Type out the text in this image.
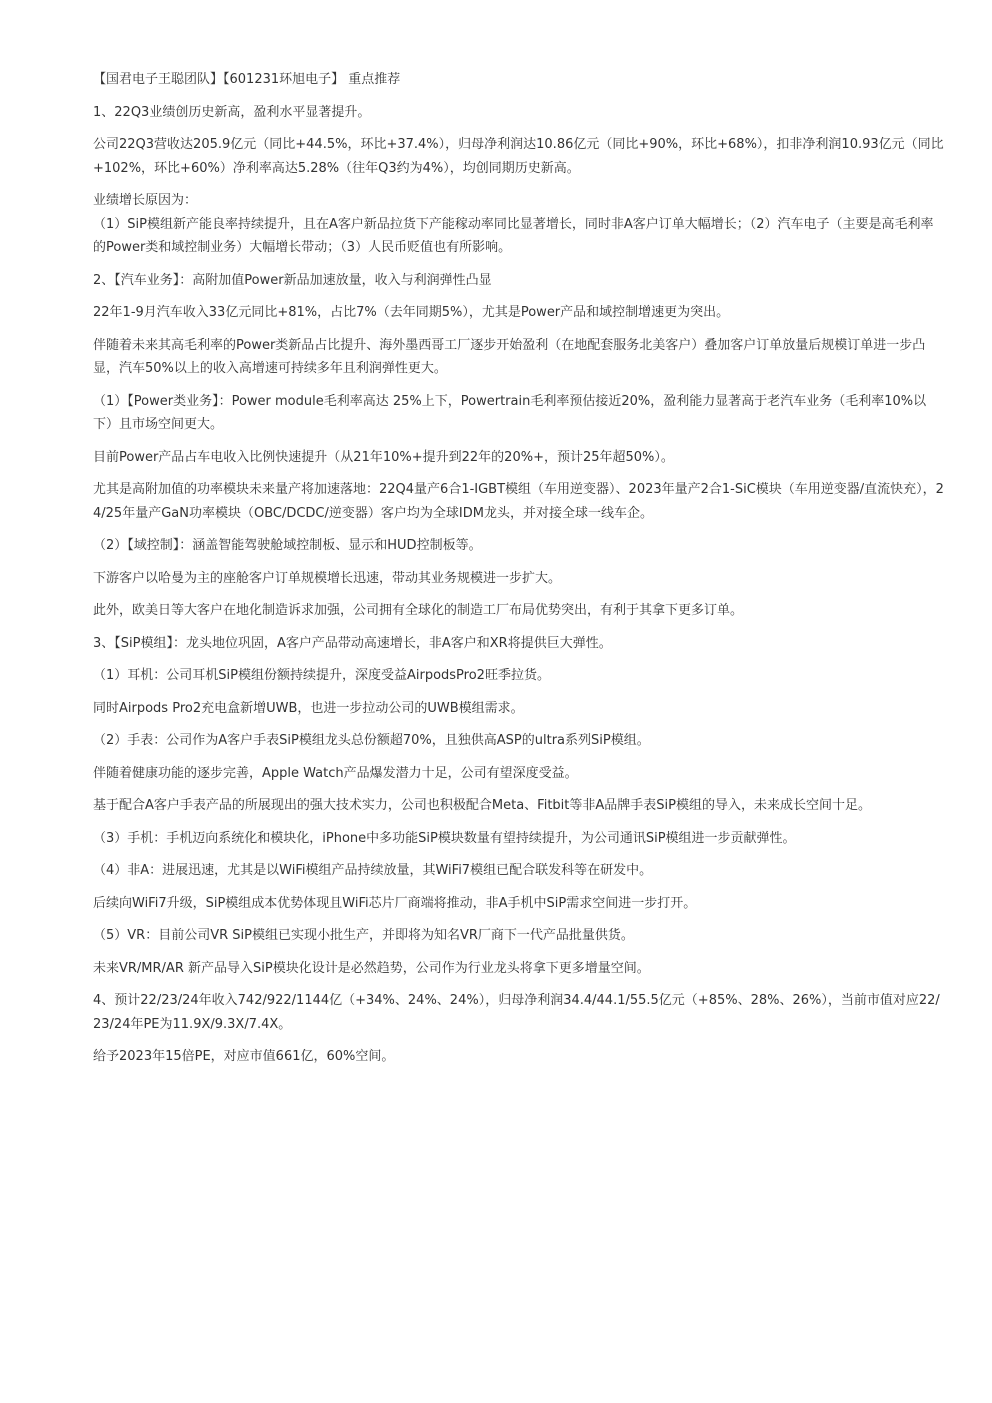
【国君电子王聪团队】【601231环旭电子】 重点推荐

1、22Q3业绩创历史新高，盈利水平显著提升。

公司22Q3营收达205.9亿元（同比+44.5%，环比+37.4%），归母净利润达10.86亿元（同比+90%，环比+68%），扣非净利润10.93亿元（同比+102%，环比+60%）净利率高达5.28%（往年Q3约为4%），均创同期历史新高。

业绩增长原因为：

（1）SiP模组新产能良率持续提升，且在A客户新品拉货下产能稼动率同比显著增长，同时非A客户订单大幅增长；（2）汽车电子（主要是高毛利率的Power类和域控制业务）大幅增长带动；（3）人民币贬值也有所影响。

2、【汽车业务】：高附加值Power新品加速放量，收入与利润弹性凸显

22年1-9月汽车收入33亿元同比+81%，占比7%（去年同期5%），尤其是Power产品和域控制增速更为突出。

伴随着未来其高毛利率的Power类新品占比提升、海外墨西哥工厂逐步开始盈利（在地配套服务北美客户）叠加客户订单放量后规模订单进一步凸显，汽车50%以上的收入高增速可持续多年且利润弹性更大。

（1）【Power类业务】：Power module毛利率高达 25%上下，Powertrain毛利率预估接近20%，盈利能力显著高于老汽车业务（毛利率10%以下）且市场空间更大。

目前Power产品占车电收入比例快速提升（从21年10%+提升到22年的20%+，预计25年超50%）。

尤其是高附加值的功率模块未来量产将加速落地：22Q4量产6合1-IGBT模组（车用逆变器）、2023年量产2合1-SiC模块（车用逆变器/直流快充），24/25年量产GaN功率模块（OBC/DCDC/逆变器）客户均为全球IDM龙头，并对接全球一线车企。

（2）【域控制】：涵盖智能驾驶舱域控制板、显示和HUD控制板等。

下游客户以哈曼为主的座舱客户订单规模增长迅速，带动其业务规模进一步扩大。

此外，欧美日等大客户在地化制造诉求加强，公司拥有全球化的制造工厂布局优势突出，有利于其拿下更多订单。

3、【SiP模组】：龙头地位巩固，A客户产品带动高速增长，非A客户和XR将提供巨大弹性。

（1）耳机：公司耳机SiP模组份额持续提升，深度受益AirpodsPro2旺季拉货。

同时Airpods Pro2充电盒新增UWB，也进一步拉动公司的UWB模组需求。

（2）手表：公司作为A客户手表SiP模组龙头总份额超70%，且独供高ASP的ultra系列SiP模组。

伴随着健康功能的逐步完善，Apple Watch产品爆发潜力十足，公司有望深度受益。

基于配合A客户手表产品的所展现出的强大技术实力，公司也积极配合Meta、Fitbit等非A品牌手表SiP模组的导入，未来成长空间十足。

（3）手机：手机迈向系统化和模块化，iPhone中多功能SiP模块数量有望持续提升，为公司通讯SiP模组进一步贡献弹性。

（4）非A：进展迅速，尤其是以WiFi模组产品持续放量，其WiFi7模组已配合联发科等在研发中。

后续向WiFi7升级，SiP模组成本优势体现且WiFi芯片厂商端将推动，非A手机中SiP需求空间进一步打开。

（5）VR：目前公司VR SiP模组已实现小批生产，并即将为知名VR厂商下一代产品批量供货。

未来VR/MR/AR 新产品导入SiP模块化设计是必然趋势，公司作为行业龙头将拿下更多增量空间。

4、预计22/23/24年收入742/922/1144亿（+34%、24%、24%），归母净利润34.4/44.1/55.5亿元（+85%、28%、26%），当前市值对应22/23/24年PE为11.9X/9.3X/7.4X。

给予2023年15倍PE，对应市值661亿，60%空间。
